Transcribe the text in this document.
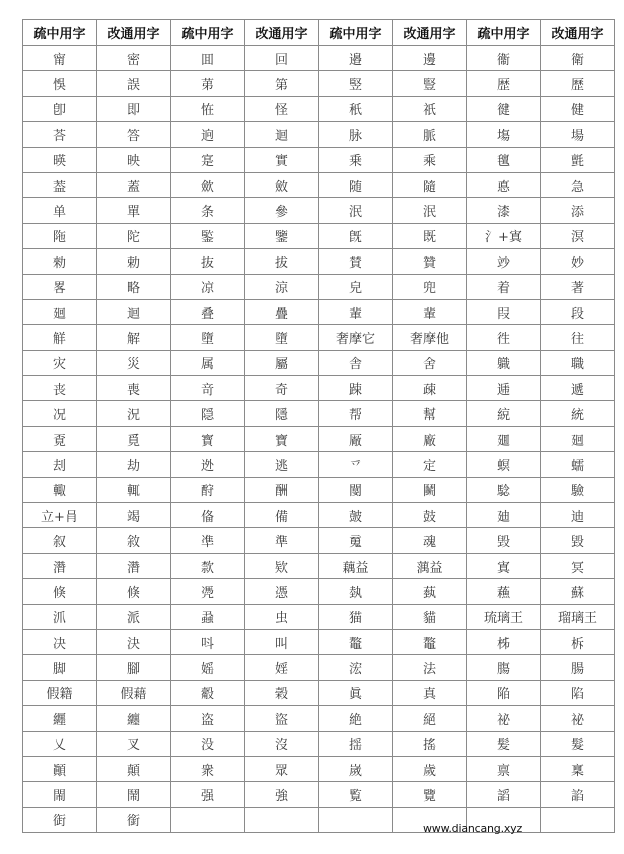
疏中用字	改通用字	疏中用字	改通用字	疏中用字	改通用字	疏中用字	改通用字
甯	密	囬	回	邉	邊	衞	衛
悞	誤	苐	第	竪	豎	歴	歷
卽	即	恠	怪	秖	祇	徤	健
荅	答	逈	迴	脉	脈	塲	場
暎	映	寔	實	乗	乘	氊	氈
葢	蓋	歛	斂	随	隨	悳	急
单	單	条	參	泯	泯	漆	添
陁	陀	鍳	鑒	旣	既	氵+寘	溟
勑	勅	抜	拔	賛	贊	竗	妙
畧	略	凉	涼	皃	兜	着	著
廻	迴	叠	疊	輩	輩	叚	段
觧	解	墮	墮	奢摩它	奢摩他	徃	往
灾	災	属	屬	舎	舍	軄	職
丧	喪	竒	奇	踈	疎	逓	遞
况	況	隠	隱	帮	幫	綂	統
覔	覓	寳	寶	厰	廠	廽	廻
刦	劫	迯	逃	乊	定	螟	蠕
輙	輒	酧	酬	閺	鬭	騐	驗
立+肙	竭	俻	備	皷	鼓	廸	迪
叙	敘	凖	準	䰟	魂	毁	毀
濳	濳	歀	欵	藕益	蕅益	寘	冥
倏	倏	凴	憑	埶	蓺	蘓	蘇
沠	派	蝨	虫	猫	貓	琉璃王	瑠璃王
决	決	呌	叫	鼇	鼇	柹	柝
脚	腳	媱	婬	浤	法	膓	腸
假籍	假藉	觳	榖	眞	真	陥	陷
纒	纏	盗	盜	絶	絕	祕	祕
乂	叉	没	沒	揺	搖	髪	髮
顚	顛	衆	眾	嵗	歲	禀	稟
閙	鬧	强	強	覧	覽	謟	諂
衘	銜							www.diancang.xyz
